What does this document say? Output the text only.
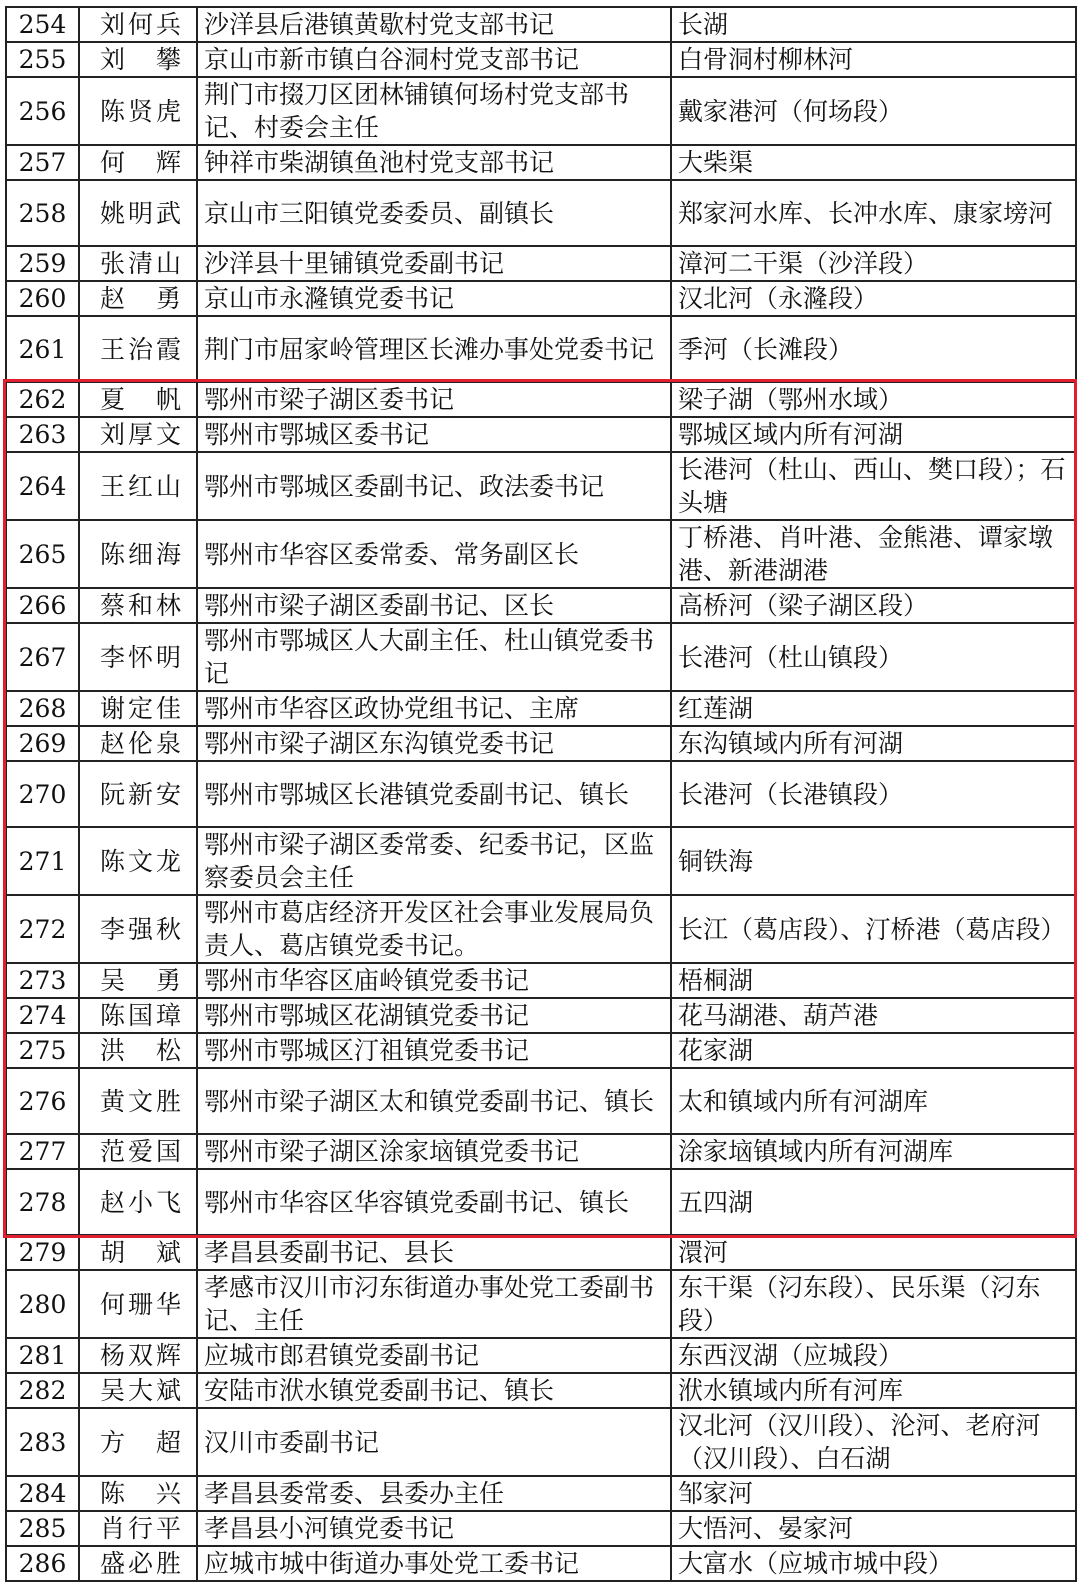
254	刘何兵	沙洋县后港镇黄歇村党支部书记	长湖
255	刘　攀	京山市新市镇白谷洞村党支部书记	白骨洞村柳林河
256	陈贤虎	荆门市掇刀区团林铺镇何场村党支部书记、村委会主任	戴家港河（何场段）
257	何　辉	钟祥市柴湖镇鱼池村党支部书记	大柴渠
258	姚明武	京山市三阳镇党委委员、副镇长	郑家河水库、长冲水库、康家塝河
259	张清山	沙洋县十里铺镇党委副书记	漳河二干渠（沙洋段）
260	赵　勇	京山市永漋镇党委书记	汉北河（永漋段）
261	王治霞	荆门市屈家岭管理区长滩办事处党委书记	季河（长滩段）
262	夏　帆	鄂州市梁子湖区委书记	梁子湖（鄂州水域）
263	刘厚文	鄂州市鄂城区委书记	鄂城区域内所有河湖
264	王红山	鄂州市鄂城区委副书记、政法委书记	长港河（杜山、西山、樊口段）；石头塘
265	陈细海	鄂州市华容区委常委、常务副区长	丁桥港、肖叶港、金熊港、谭家墩港、新港湖港
266	蔡和林	鄂州市梁子湖区委副书记、区长	高桥河（梁子湖区段）
267	李怀明	鄂州市鄂城区人大副主任、杜山镇党委书记	长港河（杜山镇段）
268	谢定佳	鄂州市华容区政协党组书记、主席	红莲湖
269	赵伦泉	鄂州市梁子湖区东沟镇党委书记	东沟镇域内所有河湖
270	阮新安	鄂州市鄂城区长港镇党委副书记、镇长	长港河（长港镇段）
271	陈文龙	鄂州市梁子湖区委常委、纪委书记，区监察委员会主任	铜铁海
272	李强秋	鄂州市葛店经济开发区社会事业发展局负责人、葛店镇党委书记。	长江（葛店段）、汀桥港（葛店段）
273	吴　勇	鄂州市华容区庙岭镇党委书记	梧桐湖
274	陈国璋	鄂州市鄂城区花湖镇党委书记	花马湖港、葫芦港
275	洪　松	鄂州市鄂城区汀祖镇党委书记	花家湖
276	黄文胜	鄂州市梁子湖区太和镇党委副书记、镇长	太和镇域内所有河湖库
277	范爱国	鄂州市梁子湖区涂家垴镇党委书记	涂家垴镇域内所有河湖库
278	赵小飞	鄂州市华容区华容镇党委副书记、镇长	五四湖
279	胡　斌	孝昌县委副书记、县长	澴河
280	何珊华	孝感市汉川市汈东街道办事处党工委副书记、主任	东干渠（汈东段）、民乐渠（汈东段）
281	杨双辉	应城市郎君镇党委副书记	东西汊湖（应城段）
282	吴大斌	安陆市洑水镇党委副书记、镇长	洑水镇域内所有河库
283	方　超	汉川市委副书记	汉北河（汉川段）、沦河、老府河（汉川段）、白石湖
284	陈　兴	孝昌县委常委、县委办主任	邹家河
285	肖行平	孝昌县小河镇党委书记	大悟河、晏家河
286	盛必胜	应城市城中街道办事处党工委书记	大富水（应城市城中段）
